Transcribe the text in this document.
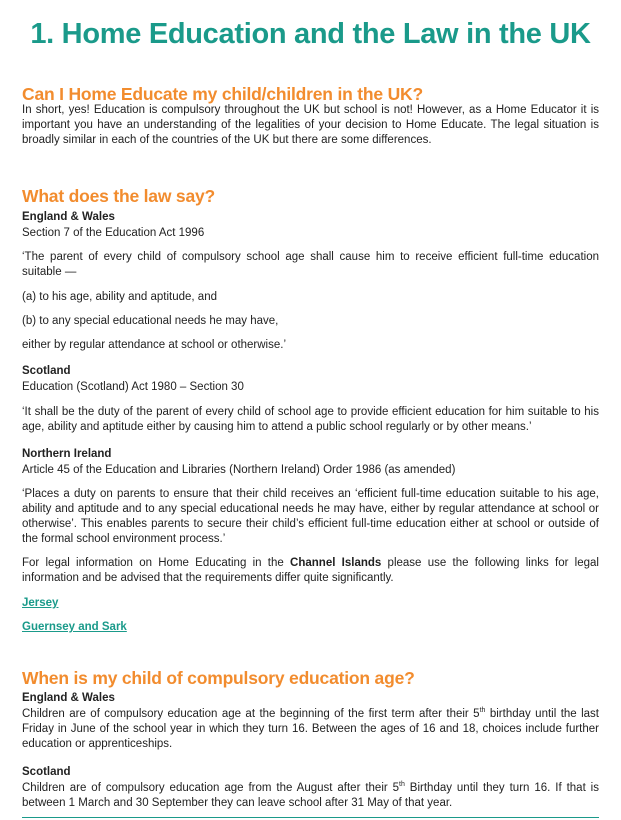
1. Home Education and the Law in the UK
Can I Home Educate my child/children in the UK?

In short, yes! Education is compulsory throughout the UK but school is not! However, as a Home Educator it is important you have an understanding of the legalities of your decision to Home Educate. The legal situation is broadly similar in each of the countries of the UK but there are some differences.

What does the law say?

England & Wales

Section 7 of the Education Act 1996

‘The parent of every child of compulsory school age shall cause him to receive efficient full-time education suitable —

(a) to his age, ability and aptitude, and

(b) to any special educational needs he may have,

either by regular attendance at school or otherwise.’

Scotland

Education (Scotland) Act 1980 – Section 30

‘It shall be the duty of the parent of every child of school age to provide efficient education for him suitable to his age, ability and aptitude either by causing him to attend a public school regularly or by other means.’

Northern Ireland

Article 45 of the Education and Libraries (Northern Ireland) Order 1986 (as amended)

‘Places a duty on parents to ensure that their child receives an ‘efficient full-time education suitable to his age, ability and aptitude and to any special educational needs he may have, either by regular attendance at school or otherwise’. This enables parents to secure their child’s efficient full-time education either at school or outside of the formal school environment process.’

For legal information on Home Educating in the Channel Islands please use the following links for legal information and be advised that the requirements differ quite significantly.

Jersey
Guernsey and Sark
When is my child of compulsory education age?

England & Wales

Children are of compulsory education age at the beginning of the first term after their 5th birthday until the last Friday in June of the school year in which they turn 16. Between the ages of 16 and 18, choices include further education or apprenticeships.

Scotland

Children are of compulsory education age from the August after their 5th Birthday until they turn 16. If that is between 1 March and 30 September they can leave school after 31 May of that year.
